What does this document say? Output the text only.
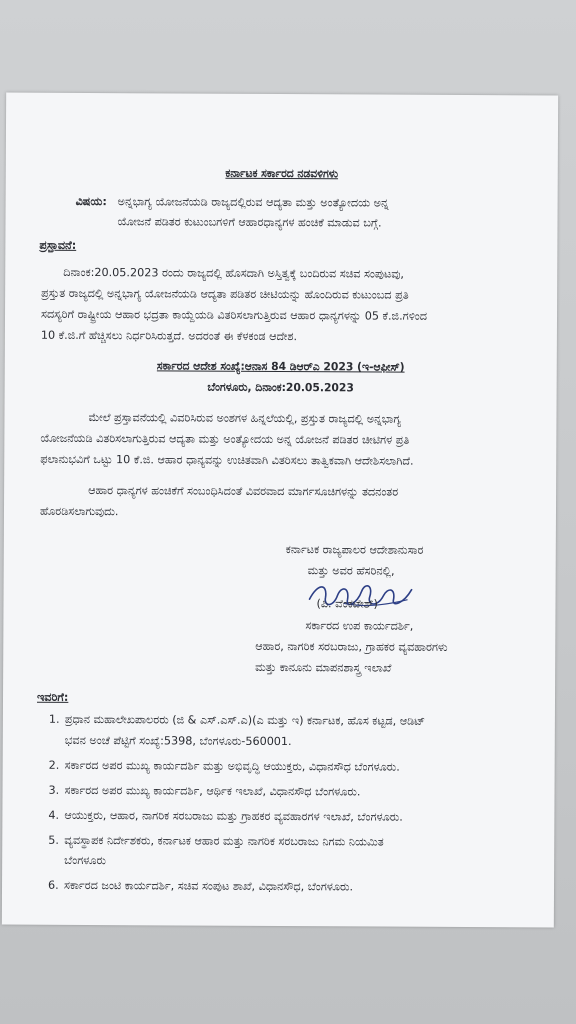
ಕರ್ನಾಟಕ ಸರ್ಕಾರದ ನಡವಳಿಗಳು
ವಿಷಯ: ಅನ್ನಭಾಗ್ಯ ಯೋಜನೆಯಡಿ ರಾಜ್ಯದಲ್ಲಿರುವ ಆದ್ಯತಾ ಮತ್ತು ಅಂತ್ಯೋದಯ ಅನ್ನ
ಯೋಜನೆ ಪಡಿತರ ಕುಟುಂಬಗಳಿಗೆ ಆಹಾರಧಾನ್ಯಗಳ ಹಂಚಿಕೆ ಮಾಡುವ ಬಗ್ಗೆ.
ಪ್ರಸ್ತಾವನೆ:
ದಿನಾಂಕ:20.05.2023 ರಂದು ರಾಜ್ಯದಲ್ಲಿ ಹೊಸದಾಗಿ ಅಸ್ತಿತ್ವಕ್ಕೆ ಬಂದಿರುವ ಸಚಿವ ಸಂಪುಟವು,
ಪ್ರಸ್ತುತ ರಾಜ್ಯದಲ್ಲಿ ಅನ್ನಭಾಗ್ಯ ಯೋಜನೆಯಡಿ ಆದ್ಯತಾ ಪಡಿತರ ಚೀಟಿಯನ್ನು ಹೊಂದಿರುವ ಕುಟುಂಬದ ಪ್ರತಿ
ಸದಸ್ಯರಿಗೆ ರಾಷ್ಟ್ರೀಯ ಆಹಾರ ಭದ್ರತಾ ಕಾಯ್ದೆಯಡಿ ವಿತರಿಸಲಾಗುತ್ತಿರುವ ಆಹಾರ ಧಾನ್ಯಗಳನ್ನು 05 ಕೆ.ಜಿ.ಗಳಿಂದ
10 ಕೆ.ಜಿ.ಗೆ ಹೆಚ್ಚಿಸಲು ನಿರ್ಧರಿಸಿರುತ್ತದೆ. ಅದರಂತೆ ಈ ಕೆಳಕಂಡ ಆದೇಶ.
ಸರ್ಕಾರದ ಆದೇಶ ಸಂಖ್ಯೆ:ಆನಾಸ 84 ಡಿಆರ್‌ಎ 2023 (ಇ-ಆಫೀಸ್)
ಬೆಂಗಳೂರು, ದಿನಾಂಕ:20.05.2023
ಮೇಲೆ ಪ್ರಸ್ತಾವನೆಯಲ್ಲಿ ವಿವರಿಸಿರುವ ಅಂಶಗಳ ಹಿನ್ನಲೆಯಲ್ಲಿ, ಪ್ರಸ್ತುತ ರಾಜ್ಯದಲ್ಲಿ ಅನ್ನಭಾಗ್ಯ
ಯೋಜನೆಯಡಿ ವಿತರಿಸಲಾಗುತ್ತಿರುವ ಆದ್ಯತಾ ಮತ್ತು ಅಂತ್ಯೋದಯ ಅನ್ನ ಯೋಜನೆ ಪಡಿತರ ಚೀಟಿಗಳ ಪ್ರತಿ
ಫಲಾನುಭವಿಗೆ ಒಟ್ಟು 10 ಕೆ.ಜಿ. ಆಹಾರ ಧಾನ್ಯವನ್ನು ಉಚಿತವಾಗಿ ವಿತರಿಸಲು ತಾತ್ವಿಕವಾಗಿ ಆದೇಶಿಸಲಾಗಿದೆ.
ಆಹಾರ ಧಾನ್ಯಗಳ ಹಂಚಿಕೆಗೆ ಸಂಬಂಧಿಸಿದಂತೆ ವಿವರವಾದ ಮಾರ್ಗಸೂಚಿಗಳನ್ನು ತದನಂತರ
ಹೊರಡಿಸಲಾಗುವುದು.
ಕರ್ನಾಟಕ ರಾಜ್ಯಪಾಲರ ಆದೇಶಾನುಸಾರ
ಮತ್ತು ಅವರ ಹೆಸರಿನಲ್ಲಿ,
(ಪಿ. ವೆಂಕಟೇಶ್)
ಸರ್ಕಾರದ ಉಪ ಕಾರ್ಯದರ್ಶಿ,
ಆಹಾರ, ನಾಗರಿಕ ಸರಬರಾಜು, ಗ್ರಾಹಕರ ವ್ಯವಹಾರಗಳು
ಮತ್ತು ಕಾನೂನು ಮಾಪನಶಾಸ್ತ್ರ ಇಲಾಖೆ
ಇವರಿಗೆ:
1. ಪ್ರಧಾನ ಮಹಾಲೇಖಪಾಲರರು (ಜಿ & ಎಸ್.ಎಸ್.ಎ)(ಎ ಮತ್ತು ಇ) ಕರ್ನಾಟಕ, ಹೊಸ ಕಟ್ಟಡ, ಆಡಿಟ್
ಭವನ ಅಂಚೆ ಪೆಟ್ಟಿಗೆ ಸಂಖ್ಯೆ:5398, ಬೆಂಗಳೂರು-560001.
2. ಸರ್ಕಾರದ ಅಪರ ಮುಖ್ಯ ಕಾರ್ಯದರ್ಶಿ ಮತ್ತು ಅಭಿವೃದ್ಧಿ ಆಯುಕ್ತರು, ವಿಧಾನಸೌಧ ಬೆಂಗಳೂರು.
3. ಸರ್ಕಾರದ ಅಪರ ಮುಖ್ಯ ಕಾರ್ಯದರ್ಶಿ, ಆರ್ಥಿಕ ಇಲಾಖೆ, ವಿಧಾನಸೌಧ ಬೆಂಗಳೂರು.
4. ಆಯುಕ್ತರು, ಆಹಾರ, ನಾಗರಿಕ ಸರಬರಾಜು ಮತ್ತು ಗ್ರಾಹಕರ ವ್ಯವಹಾರಗಳ ಇಲಾಖೆ, ಬೆಂಗಳೂರು.
5. ವ್ಯವಸ್ಥಾಪಕ ನಿರ್ದೇಶಕರು, ಕರ್ನಾಟಕ ಆಹಾರ ಮತ್ತು ನಾಗರಿಕ ಸರಬರಾಜು ನಿಗಮ ನಿಯಮಿತ
ಬೆಂಗಳೂರು
6. ಸರ್ಕಾರದ ಜಂಟಿ ಕಾರ್ಯದರ್ಶಿ, ಸಚಿವ ಸಂಪುಟ ಶಾಖೆ, ವಿಧಾನಸೌಧ, ಬೆಂಗಳೂರು.
